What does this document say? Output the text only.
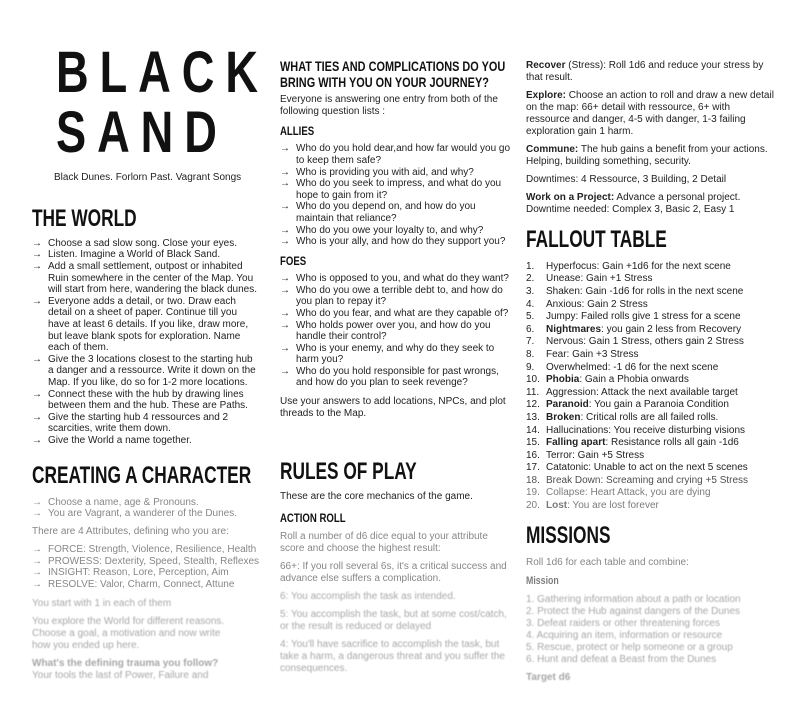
BLACK
SAND
Black Dunes. Forlorn Past. Vagrant Songs
THE WORLD
→ Choose a sad slow song. Close your eyes.
→ Listen. Imagine a World of Black Sand.
→ Add a small settlement, outpost or inhabited Ruin somewhere in the center of the Map. You will start from here, wandering the black dunes.
→ Everyone adds a detail, or two. Draw each detail on a sheet of paper. Continue till you have at least 6 details. If you like, draw more, but leave blank spots for exploration. Name each of them.
→ Give the 3 locations closest to the starting hub a danger and a ressource. Write it down on the Map. If you like, do so for 1-2 more locations.
→ Connect these with the hub by drawing lines between them and the hub. These are Paths.
→ Give the starting hub 4 ressources and 2 scarcities, write them down.
→ Give the World a name together.
CREATING A CHARACTER
→ Choose a name, age & Pronouns.
→ You are Vagrant, a wanderer of the Dunes.

There are 4 Attributes, defining who you are:

→ FORCE: Strength, Violence, Resilience, Health
→ PROWESS: Dexterity, Speed, Stealth, Reflexes
→ INSIGHT: Reason, Lore, Perception, Aim
→ RESOLVE: Valor, Charm, Connect, Attune

You start with 1 in each of them

You explore the World for different reasons. Choose a goal, a motivation and now write

how you ended up here.

What's the defining trauma you follow?

Your tools the last of Power, Failure and

WHAT TIES AND COMPLICATIONS DO YOU
BRING WITH YOU ON YOUR JOURNEY?

Everyone is answering one entry from both of the following question lists :

ALLIES
→ Who do you hold dear,and how far would you go to keep them safe?
→ Who is providing you with aid, and why?
→ Who do you seek to impress, and what do you hope to gain from it?
→ Who do you depend on, and how do you maintain that reliance?
→ Who do you owe your loyalty to, and why?
→ Who is your ally, and how do they support you?
FOES
→ Who is opposed to you, and what do they want?
→ Who do you owe a terrible debt to, and how do you plan to repay it?
→ Who do you fear, and what are they capable of?
→ Who holds power over you, and how do you handle their control?
→ Who is your enemy, and why do they seek to harm you?
→ Who do you hold responsible for past wrongs, and how do you plan to seek revenge?

Use your answers to add locations, NPCs, and plot threads to the Map.

RULES OF PLAY

These are the core mechanics of the game.

ACTION ROLL

Roll a number of d6 dice equal to your attribute score and choose the highest result:

66+: If you roll several 6s, it's a critical success and advance else suffers a complication.

6: You accomplish the task as intended.

5: You accomplish the task, but at some cost/catch, or the result is reduced or delayed

4: You'll have sacrifice to accomplish the task, but take a harm, a dangerous threat and you suffer the consequences.

Recover (Stress): Roll 1d6 and reduce your stress by that result.

Explore: Choose an action to roll and draw a new detail on the map: 66+ detail with ressource, 6+ with ressource and danger, 4-5 with danger, 1-3 failing exploration gain 1 harm.

Commune: The hub gains a benefit from your actions. Helping, building something, security.

Downtimes: 4 Ressource, 3 Building, 2 Detail

Work on a Project: Advance a personal project. Downtime needed: Complex 3, Basic 2, Easy 1

FALLOUT TABLE
1. Hyperfocus: Gain +1d6 for the next scene
2. Unease: Gain +1 Stress
3. Shaken: Gain -1d6 for rolls in the next scene
4. Anxious: Gain 2 Stress
5. Jumpy: Failed rolls give 1 stress for a scene
6. Nightmares: you gain 2 less from Recovery
7. Nervous: Gain 1 Stress, others gain 2 Stress
8. Fear: Gain +3 Stress
9. Overwhelmed: -1 d6 for the next scene
10. Phobia: Gain a Phobia onwards
11. Aggression: Attack the next available target
12. Paranoid: You gain a Paranoia Condition
13. Broken: Critical rolls are all failed rolls.
14. Hallucinations: You receive disturbing visions
15. Falling apart: Resistance rolls all gain -1d6
16. Terror: Gain +5 Stress
17. Catatonic: Unable to act on the next 5 scenes
18. Break Down: Screaming and crying +5 Stress
19. Collapse: Heart Attack, you are dying
20. Lost: You are lost forever
MISSIONS

Roll 1d6 for each table and combine:

Mission

1. Gathering information about a path or location

2. Protect the Hub against dangers of the Dunes

3. Defeat raiders or other threatening forces

4. Acquiring an item, information or resource

5. Rescue, protect or help someone or a group

6. Hunt and defeat a Beast from the Dunes

Target d6
